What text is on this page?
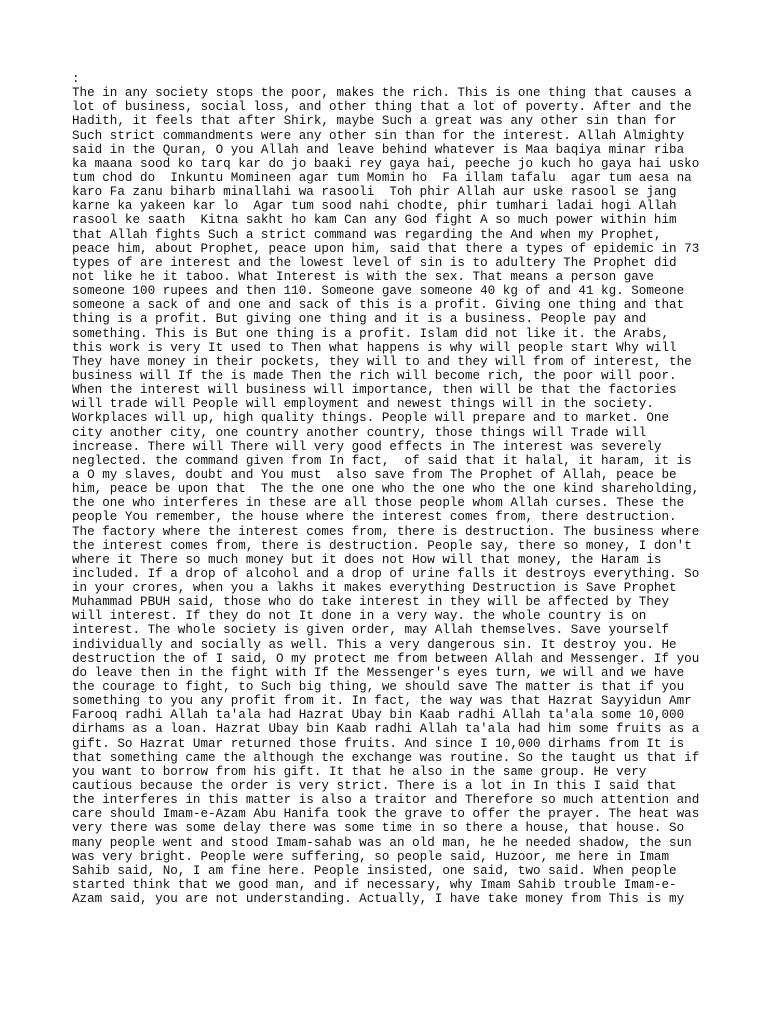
:
The in any society stops the poor, makes the rich. This is one thing that causes a
lot of business, social loss, and other thing that a lot of poverty. After and the
Hadith, it feels that after Shirk, maybe Such a great was any other sin than for
Such strict commandments were any other sin than for the interest. Allah Almighty
said in the Quran, O you Allah and leave behind whatever is Maa baqiya minar riba
ka maana sood ko tarq kar do jo baaki rey gaya hai, peeche jo kuch ho gaya hai usko
tum chod do  Inkuntu Momineen agar tum Momin ho  Fa illam tafalu  agar tum aesa na
karo Fa zanu biharb minallahi wa rasooli  Toh phir Allah aur uske rasool se jang
karne ka yakeen kar lo  Agar tum sood nahi chodte, phir tumhari ladai hogi Allah
rasool ke saath  Kitna sakht ho kam Can any God fight A so much power within him
that Allah fights Such a strict command was regarding the And when my Prophet,
peace him, about Prophet, peace upon him, said that there a types of epidemic in 73
types of are interest and the lowest level of sin is to adultery The Prophet did
not like he it taboo. What Interest is with the sex. That means a person gave
someone 100 rupees and then 110. Someone gave someone 40 kg of and 41 kg. Someone
someone a sack of and one and sack of this is a profit. Giving one thing and that
thing is a profit. But giving one thing and it is a business. People pay and
something. This is But one thing is a profit. Islam did not like it. the Arabs,
this work is very It used to Then what happens is why will people start Why will
They have money in their pockets, they will to and they will from of interest, the
business will If the is made Then the rich will become rich, the poor will poor.
When the interest will business will importance, then will be that the factories
will trade will People will employment and newest things will in the society.
Workplaces will up, high quality things. People will prepare and to market. One
city another city, one country another country, those things will Trade will
increase. There will There will very good effects in The interest was severely
neglected. the command given from In fact,  of said that it halal, it haram, it is
a O my slaves, doubt and You must  also save from The Prophet of Allah, peace be
him, peace be upon that  The the one one who the one who the one kind shareholding,
the one who interferes in these are all those people whom Allah curses. These the
people You remember, the house where the interest comes from, there destruction.
The factory where the interest comes from, there is destruction. The business where
the interest comes from, there is destruction. People say, there so money, I don't
where it There so much money but it does not How will that money, the Haram is
included. If a drop of alcohol and a drop of urine falls it destroys everything. So
in your crores, when you a lakhs it makes everything Destruction is Save Prophet
Muhammad PBUH said, those who do take interest in they will be affected by They
will interest. If they do not It done in a very way. the whole country is on
interest. The whole society is given order, may Allah themselves. Save yourself
individually and socially as well. This a very dangerous sin. It destroy you. He
destruction the of I said, O my protect me from between Allah and Messenger. If you
do leave then in the fight with If the Messenger's eyes turn, we will and we have
the courage to fight, to Such big thing, we should save The matter is that if you
something to you any profit from it. In fact, the way was that Hazrat Sayyidun Amr
Farooq radhi Allah ta'ala had Hazrat Ubay bin Kaab radhi Allah ta'ala some 10,000
dirhams as a loan. Hazrat Ubay bin Kaab radhi Allah ta'ala had him some fruits as a
gift. So Hazrat Umar returned those fruits. And since I 10,000 dirhams from It is
that something came the although the exchange was routine. So the taught us that if
you want to borrow from his gift. It that he also in the same group. He very
cautious because the order is very strict. There is a lot in In this I said that
the interferes in this matter is also a traitor and Therefore so much attention and
care should Imam-e-Azam Abu Hanifa took the grave to offer the prayer. The heat was
very there was some delay there was some time in so there a house, that house. So
many people went and stood Imam-sahab was an old man, he he needed shadow, the sun
was very bright. People were suffering, so people said, Huzoor, me here in Imam
Sahib said, No, I am fine here. People insisted, one said, two said. When people
started think that we good man, and if necessary, why Imam Sahib trouble Imam-e-
Azam said, you are not understanding. Actually, I have take money from This is my
